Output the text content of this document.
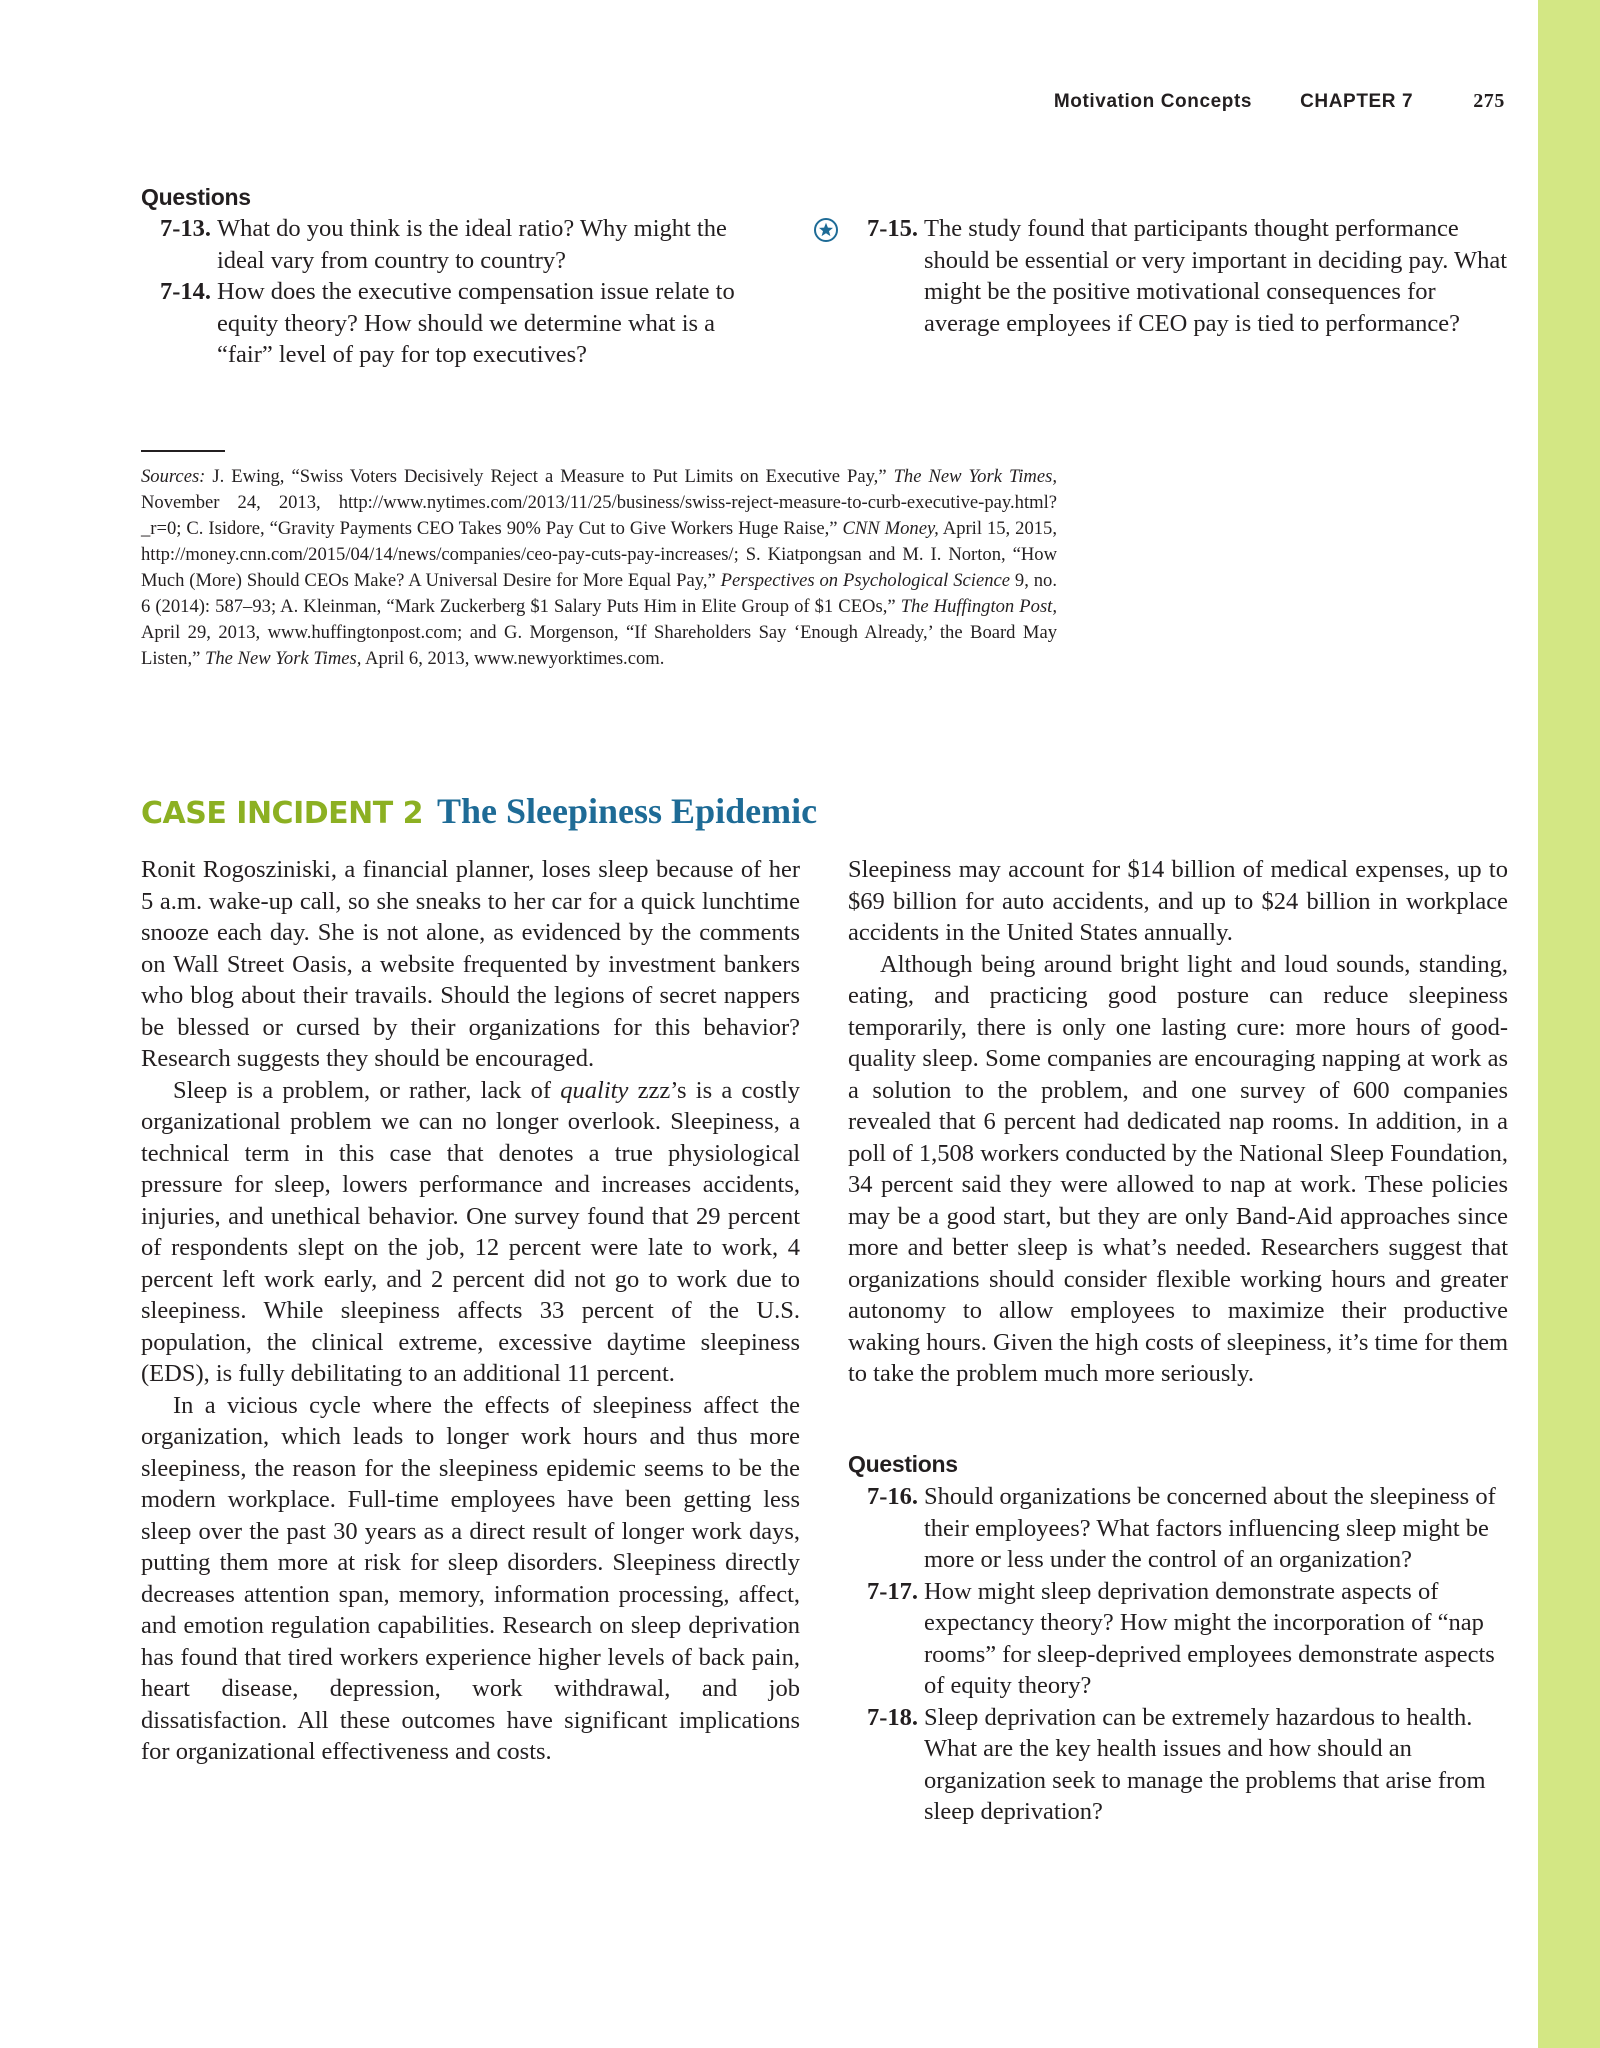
Motivation Concepts	CHAPTER 7	275
Questions
7-13. What do you think is the ideal ratio? Why might the ideal vary from country to country?
7-14. How does the executive compensation issue relate to equity theory? How should we determine what is a “fair” level of pay for top executives?
7-15. The study found that participants thought performance should be essential or very important in deciding pay. What might be the positive motivational consequences for average employees if CEO pay is tied to performance?
Sources: J. Ewing, “Swiss Voters Decisively Reject a Measure to Put Limits on Executive Pay,” The New York Times, November 24, 2013, http://www.nytimes.com/2013/11/25/business/swiss-reject-measure-to-curb-executive-pay.html?_r=0; C. Isidore, “Gravity Payments CEO Takes 90% Pay Cut to Give Workers Huge Raise,” CNN Money, April 15, 2015, http://money.cnn.com/2015/04/14/news/companies/ceo-pay-cuts-pay-increases/; S. Kiatpongsan and M. I. Norton, “How Much (More) Should CEOs Make? A Universal Desire for More Equal Pay,” Perspectives on Psychological Science 9, no. 6 (2014): 587–93; A. Kleinman, “Mark Zuckerberg $1 Salary Puts Him in Elite Group of $1 CEOs,” The Huffington Post, April 29, 2013, www.huffingtonpost.com; and G. Morgenson, “If Shareholders Say ‘Enough Already,’ the Board May Listen,” The New York Times, April 6, 2013, www.newyorktimes.com.
CASE INCIDENT 2 The Sleepiness Epidemic

Ronit Rogosziniski, a financial planner, loses sleep because of her 5 a.m. wake-up call, so she sneaks to her car for a quick lunchtime snooze each day. She is not alone, as evidenced by the comments on Wall Street Oasis, a website frequented by investment bankers who blog about their travails. Should the legions of secret nappers be blessed or cursed by their organizations for this behavior? Research suggests they should be encouraged.

Sleep is a problem, or rather, lack of quality zzz’s is a costly organizational problem we can no longer overlook. Sleepiness, a technical term in this case that denotes a true physiological pressure for sleep, lowers performance and increases accidents, injuries, and unethical behavior. One survey found that 29 percent of respondents slept on the job, 12 percent were late to work, 4 percent left work early, and 2 percent did not go to work due to sleepiness. While sleepiness affects 33 percent of the U.S. population, the clinical extreme, excessive daytime sleepiness (EDS), is fully debilitating to an additional 11 percent.

In a vicious cycle where the effects of sleepiness affect the organization, which leads to longer work hours and thus more sleepiness, the reason for the sleepiness epidemic seems to be the modern workplace. Full-time employees have been getting less sleep over the past 30 years as a direct result of longer work days, putting them more at risk for sleep disorders. Sleepiness directly decreases attention span, memory, information processing, affect, and emotion regulation capabilities. Research on sleep deprivation has found that tired workers experience higher levels of back pain, heart disease, depression, work withdrawal, and job dissatisfaction. All these outcomes have significant implications for organizational effectiveness and costs.

Sleepiness may account for $14 billion of medical expenses, up to $69 billion for auto accidents, and up to $24 billion in workplace accidents in the United States annually.

Although being around bright light and loud sounds, standing, eating, and practicing good posture can reduce sleepiness temporarily, there is only one lasting cure: more hours of good-quality sleep. Some companies are encouraging napping at work as a solution to the problem, and one survey of 600 companies revealed that 6 percent had dedicated nap rooms. In addition, in a poll of 1,508 workers conducted by the National Sleep Foundation, 34 percent said they were allowed to nap at work. These policies may be a good start, but they are only Band-Aid approaches since more and better sleep is what’s needed. Researchers suggest that organizations should consider flexible working hours and greater autonomy to allow employees to maximize their productive waking hours. Given the high costs of sleepiness, it’s time for them to take the problem much more seriously.

Questions
7-16. Should organizations be concerned about the sleepiness of their employees? What factors influencing sleep might be more or less under the control of an organization?
7-17. How might sleep deprivation demonstrate aspects of expectancy theory? How might the incorporation of “nap rooms” for sleep-deprived employees demonstrate aspects of equity theory?
7-18. Sleep deprivation can be extremely hazardous to health. What are the key health issues and how should an organization seek to manage the problems that arise from sleep deprivation?
